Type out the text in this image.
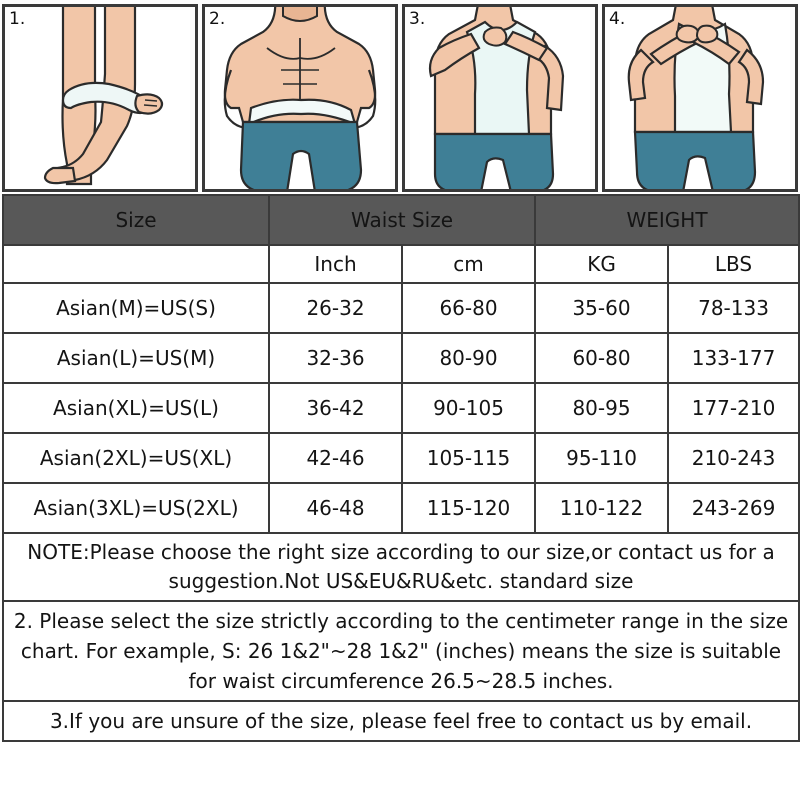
1.	2.	3.	4.
Size	Waist Size		WEIGHT	
	Inch	cm	KG	LBS
Asian(M)=US(S)	26-32	66-80	35-60	78-133
Asian(L)=US(M)	32-36	80-90	60-80	133-177
Asian(XL)=US(L)	36-42	90-105	80-95	177-210
Asian(2XL)=US(XL)	42-46	105-115	95-110	210-243
Asian(3XL)=US(2XL)	46-48	115-120	110-122	243-269
NOTE:Please choose the right size according to our size,or contact us for a suggestion.Not US&EU&RU&etc. standard size				
2. Please select the size strictly according to the centimeter range in the size chart. For example, S: 26 1&2"~28 1&2" (inches) means the size is suitable for waist circumference 26.5~28.5 inches.				
3.If you are unsure of the size, please feel free to contact us by email.				
